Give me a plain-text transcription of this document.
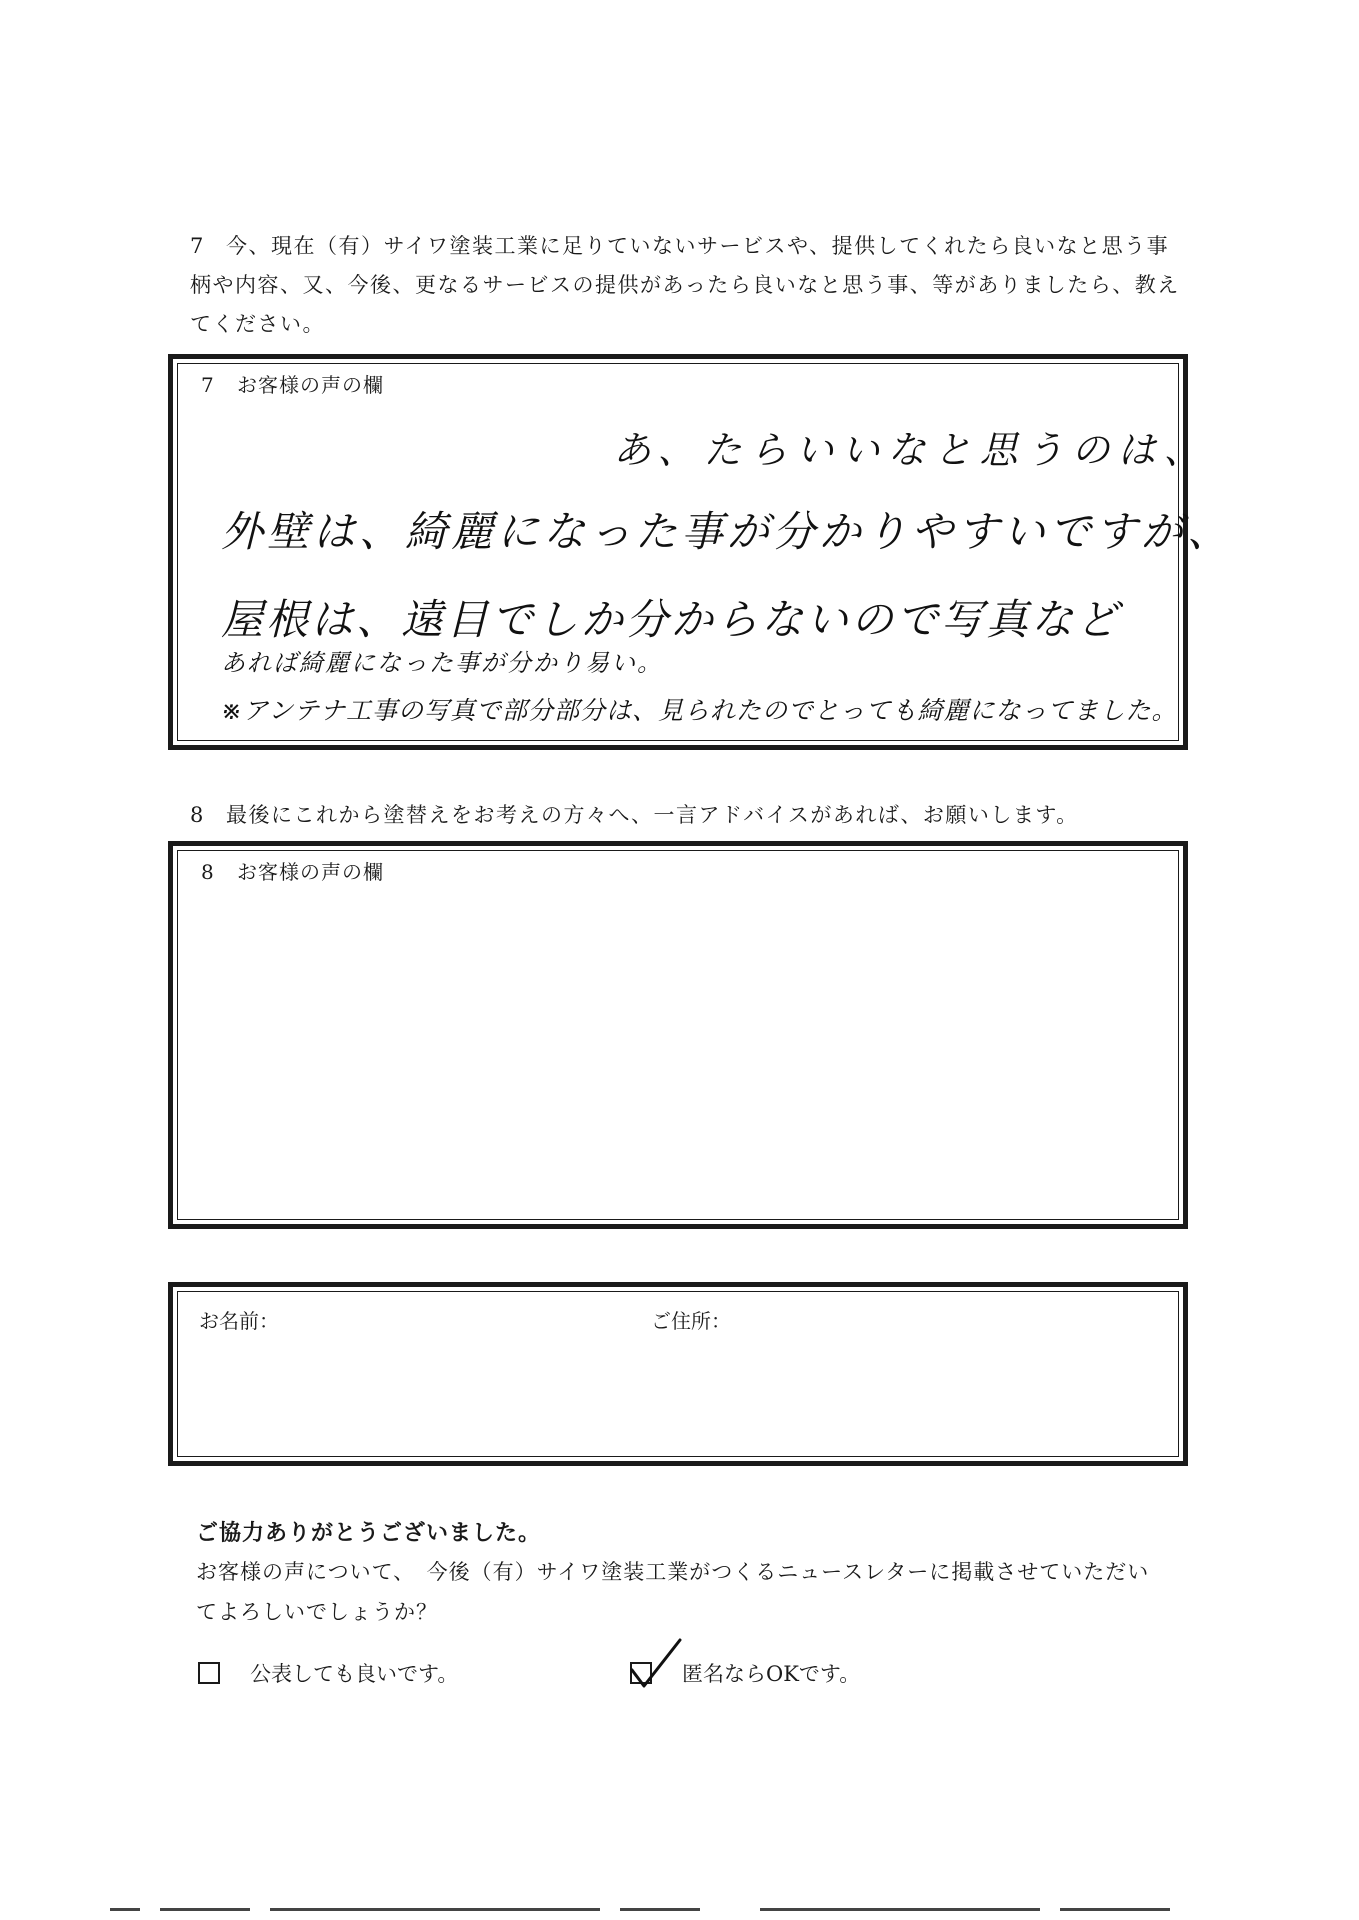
7 今、現在（有）サイワ塗装工業に足りていないサービスや、提供してくれたら良いなと思う事柄や内容、又、今後、更なるサービスの提供があったら良いなと思う事、等がありましたら、教えてください。
7 お客様の声の欄
あ、たらいいなと思うのは、
外壁は、綺麗になった事が分かりやすいですが、
屋根は、遠目でしか分からないので写真など
あれば綺麗になった事が分かり易い。
※アンテナ工事の写真で部分部分は、見られたのでとっても綺麗になってました。
8 最後にこれから塗替えをお考えの方々へ、一言アドバイスがあれば、お願いします。
8 お客様の声の欄
お名前：	ご住所：
ご協力ありがとうございました。
お客様の声について、　今後（有）サイワ塗装工業がつくるニュースレターに掲載させていただいてよろしいでしょうか？
公表しても良いです。	匿名ならOKです。
